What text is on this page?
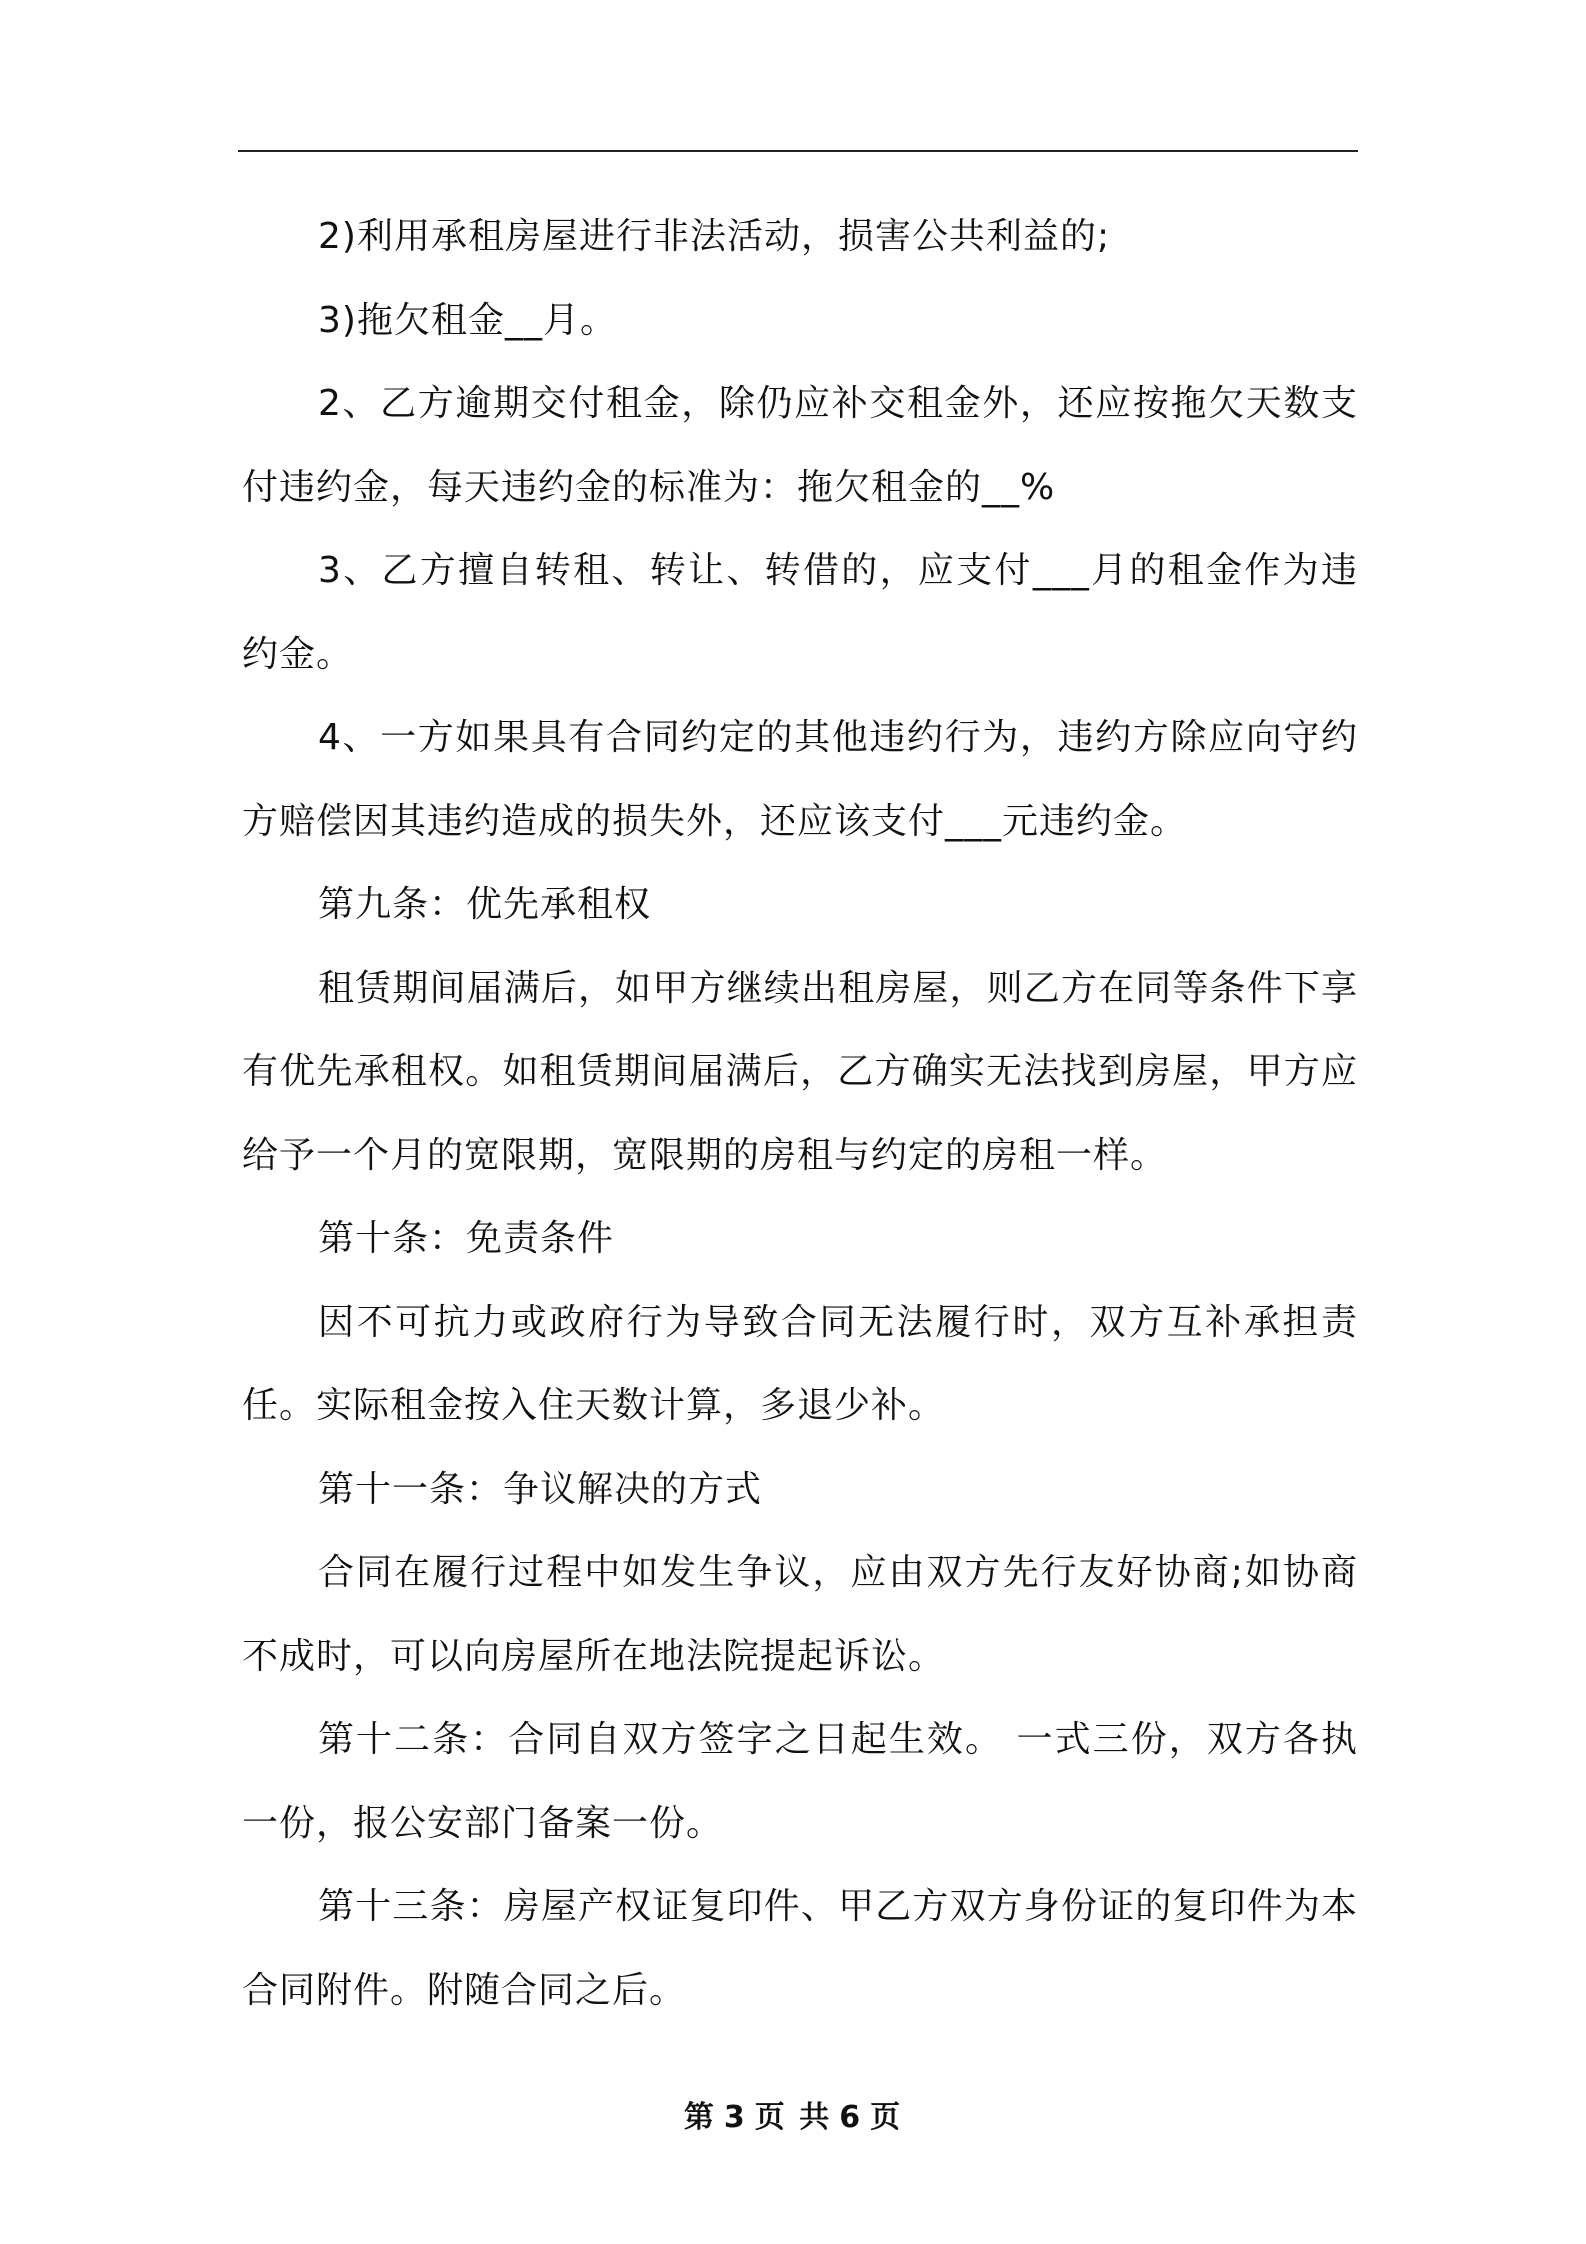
2)利用承租房屋进行非法活动，损害公共利益的;

3)拖欠租金__月。

2、乙方逾期交付租金，除仍应补交租金外，还应按拖欠天数支付违约金，每天违约金的标准为：拖欠租金的__%

3、乙方擅自转租、转让、转借的，应支付___月的租金作为违约金。

4、一方如果具有合同约定的其他违约行为，违约方除应向守约方赔偿因其违约造成的损失外，还应该支付___元违约金。

第九条：优先承租权

租赁期间届满后，如甲方继续出租房屋，则乙方在同等条件下享有优先承租权。如租赁期间届满后，乙方确实无法找到房屋，甲方应给予一个月的宽限期，宽限期的房租与约定的房租一样。

第十条：免责条件

因不可抗力或政府行为导致合同无法履行时，双方互补承担责任。实际租金按入住天数计算，多退少补。

第十一条：争议解决的方式

合同在履行过程中如发生争议，应由双方先行友好协商;如协商不成时，可以向房屋所在地法院提起诉讼。

第十二条：合同自双方签字之日起生效。 一式三份，双方各执一份，报公安部门备案一份。

第十三条：房屋产权证复印件、甲乙方双方身份证的复印件为本合同附件。附随合同之后。

第 3 页 共 6 页
